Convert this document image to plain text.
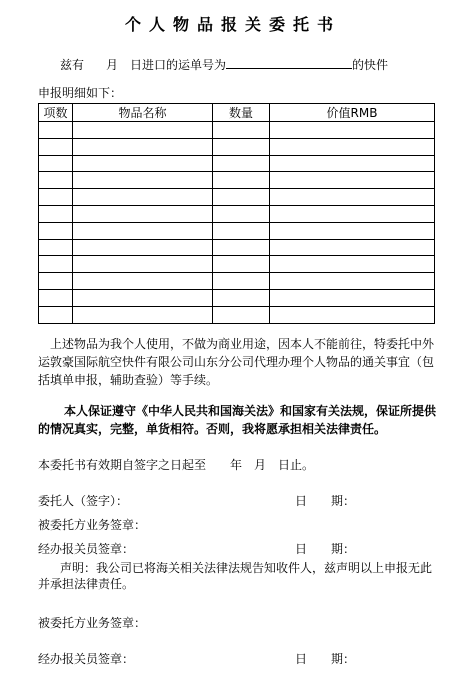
个人物品报关委托书
兹有 月 日进口的运单号为	的快件
申报明细如下：
项数	物品名称	数量	价值RMB

上述物品为我个人使用，不做为商业用途，因本人不能前往，特委托中外运敦豪国际航空快件有限公司山东分公司代理办理个人物品的通关事宜（包括填单申报，辅助查验）等手续。
本人保证遵守《中华人民共和国海关法》和国家有关法规，保证所提供的情况真实，完整，单货相符。否则，我将愿承担相关法律责任。
本委托书有效期自签字之日起至 年 月 日止。
委托人（签字）：	日　　期：
被委托方业务签章：
经办报关员签章：	日　　期：
声明：我公司已将海关相关法律法规告知收件人，兹声明以上申报无此并承担法律责任。
被委托方业务签章：
经办报关员签章：	日　　期：
